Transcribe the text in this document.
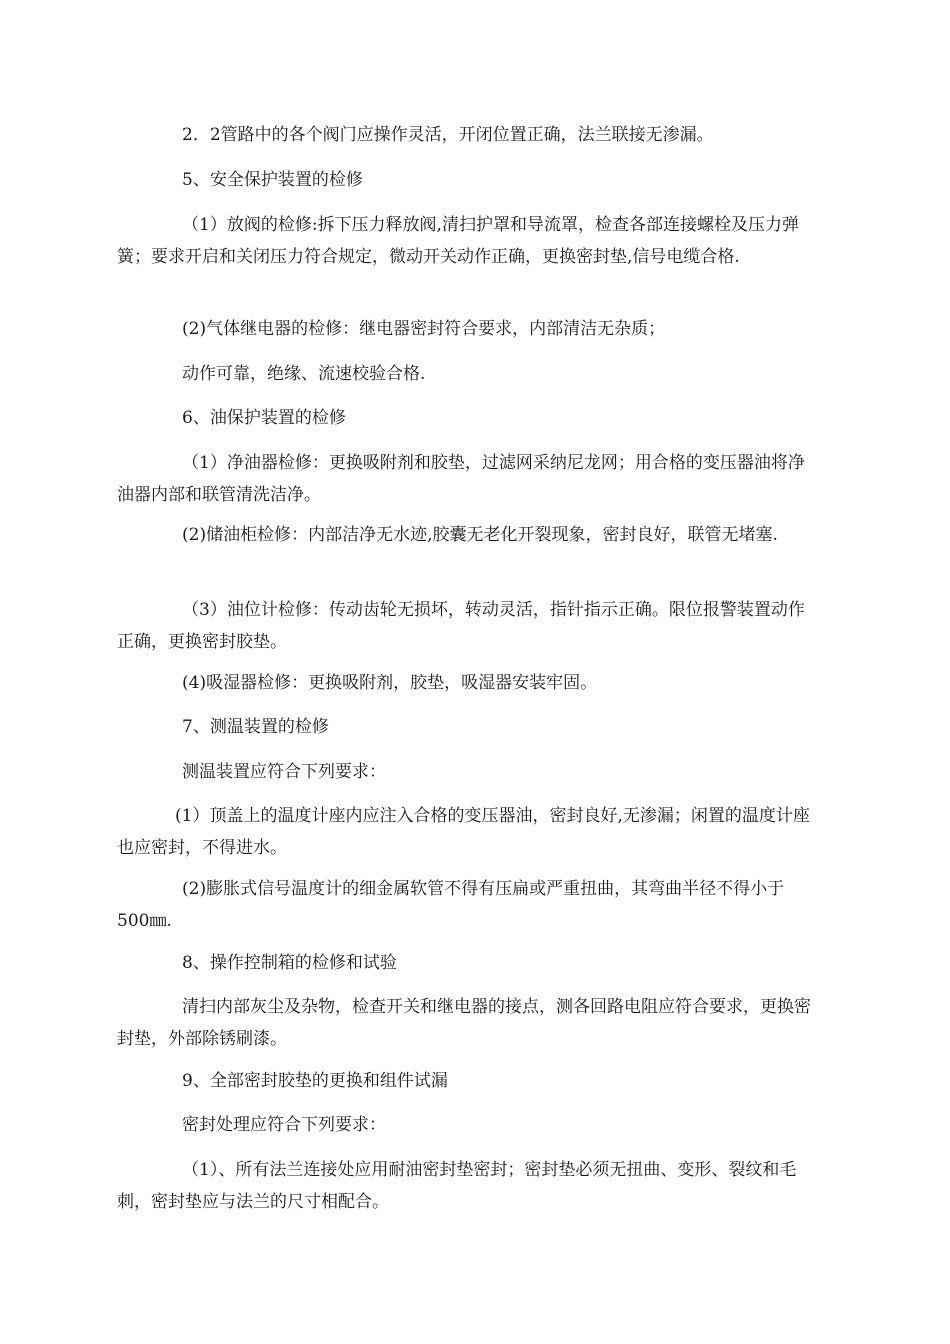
2．2管路中的各个阀门应操作灵活，开闭位置正确，法兰联接无渗漏。

5、安全保护装置的检修

（1）放阀的检修:拆下压力释放阀,清扫护罩和导流罩，检查各部连接螺栓及压力弹簧；要求开启和关闭压力符合规定，微动开关动作正确，更换密封垫,信号电缆合格.

(2)气体继电器的检修：继电器密封符合要求，内部清洁无杂质；

动作可靠，绝缘、流速校验合格.

6、油保护装置的检修

（1）净油器检修：更换吸附剂和胶垫，过滤网采纳尼龙网；用合格的变压器油将净油器内部和联管清洗洁净。

(2)储油柜检修：内部洁净无水迹,胶囊无老化开裂现象，密封良好，联管无堵塞.

（3）油位计检修：传动齿轮无损坏，转动灵活，指针指示正确。限位报警装置动作正确，更换密封胶垫。

(4)吸湿器检修：更换吸附剂，胶垫，吸湿器安装牢固。

7、测温装置的检修

测温装置应符合下列要求：

(1）顶盖上的温度计座内应注入合格的变压器油，密封良好,无渗漏；闲置的温度计座也应密封，不得进水。

(2)膨胀式信号温度计的细金属软管不得有压扁或严重扭曲，其弯曲半径不得小于500㎜.

8、操作控制箱的检修和试验

清扫内部灰尘及杂物，检查开关和继电器的接点，测各回路电阻应符合要求，更换密封垫，外部除锈刷漆。

9、全部密封胶垫的更换和组件试漏

密封处理应符合下列要求：

（1）、所有法兰连接处应用耐油密封垫密封；密封垫必须无扭曲、变形、裂纹和毛刺，密封垫应与法兰的尺寸相配合。
